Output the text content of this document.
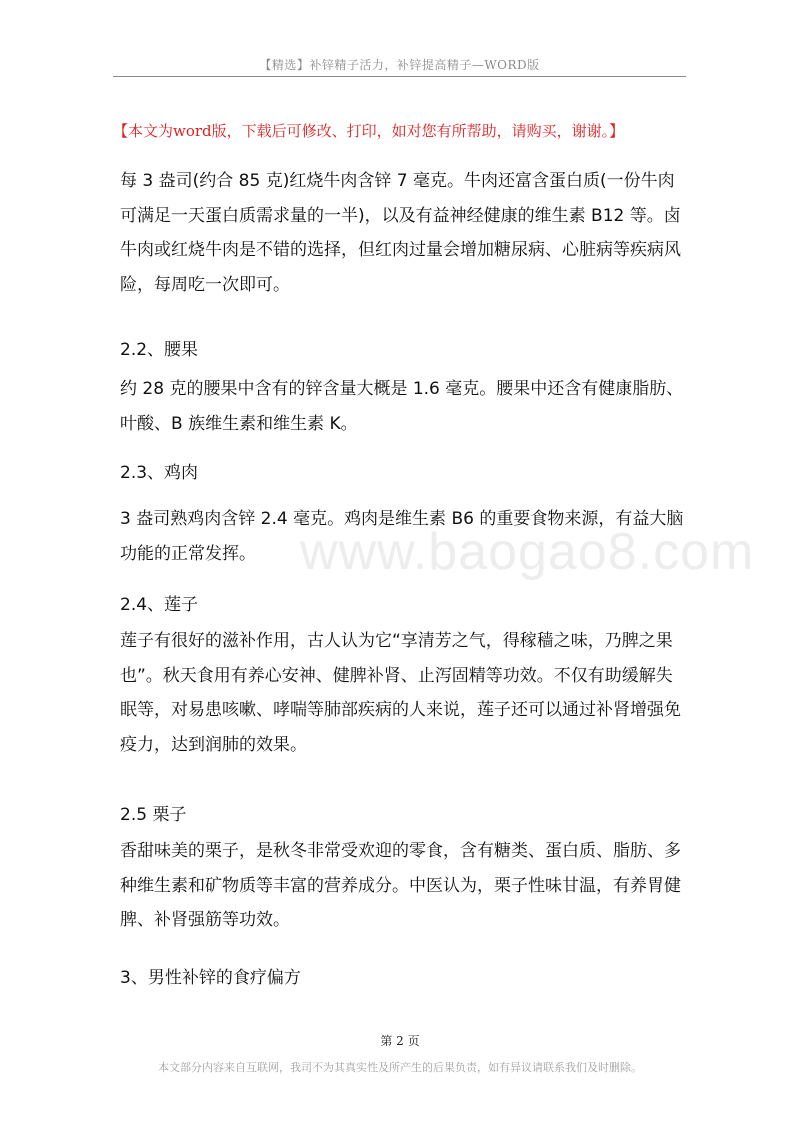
【精选】补锌精子活力，补锌提高精子—WORD版
【本文为word版，下载后可修改、打印，如对您有所帮助，请购买，谢谢。】
www.baogao8.com

每 3 盎司(约合 85 克)红烧牛肉含锌 7 毫克。牛肉还富含蛋白质(一份牛肉可满足一天蛋白质需求量的一半)，以及有益神经健康的维生素 B12 等。卤牛肉或红烧牛肉是不错的选择，但红肉过量会增加糖尿病、心脏病等疾病风险，每周吃一次即可。

2.2、腰果

约 28 克的腰果中含有的锌含量大概是 1.6 毫克。腰果中还含有健康脂肪、叶酸、B 族维生素和维生素 K。

2.3、鸡肉

3 盎司熟鸡肉含锌 2.4 毫克。鸡肉是维生素 B6 的重要食物来源，有益大脑功能的正常发挥。

2.4、莲子

莲子有很好的滋补作用，古人认为它“享清芳之气，得稼穑之味，乃脾之果也”。秋天食用有养心安神、健脾补肾、止泻固精等功效。不仅有助缓解失眠等，对易患咳嗽、哮喘等肺部疾病的人来说，莲子还可以通过补肾增强免疫力，达到润肺的效果。

2.5 栗子

香甜味美的栗子，是秋冬非常受欢迎的零食，含有糖类、蛋白质、脂肪、多种维生素和矿物质等丰富的营养成分。中医认为，栗子性味甘温，有养胃健脾、补肾强筋等功效。

3、男性补锌的食疗偏方

第 2 页
本文部分内容来自互联网，我司不为其真实性及所产生的后果负责，如有异议请联系我们及时删除。
